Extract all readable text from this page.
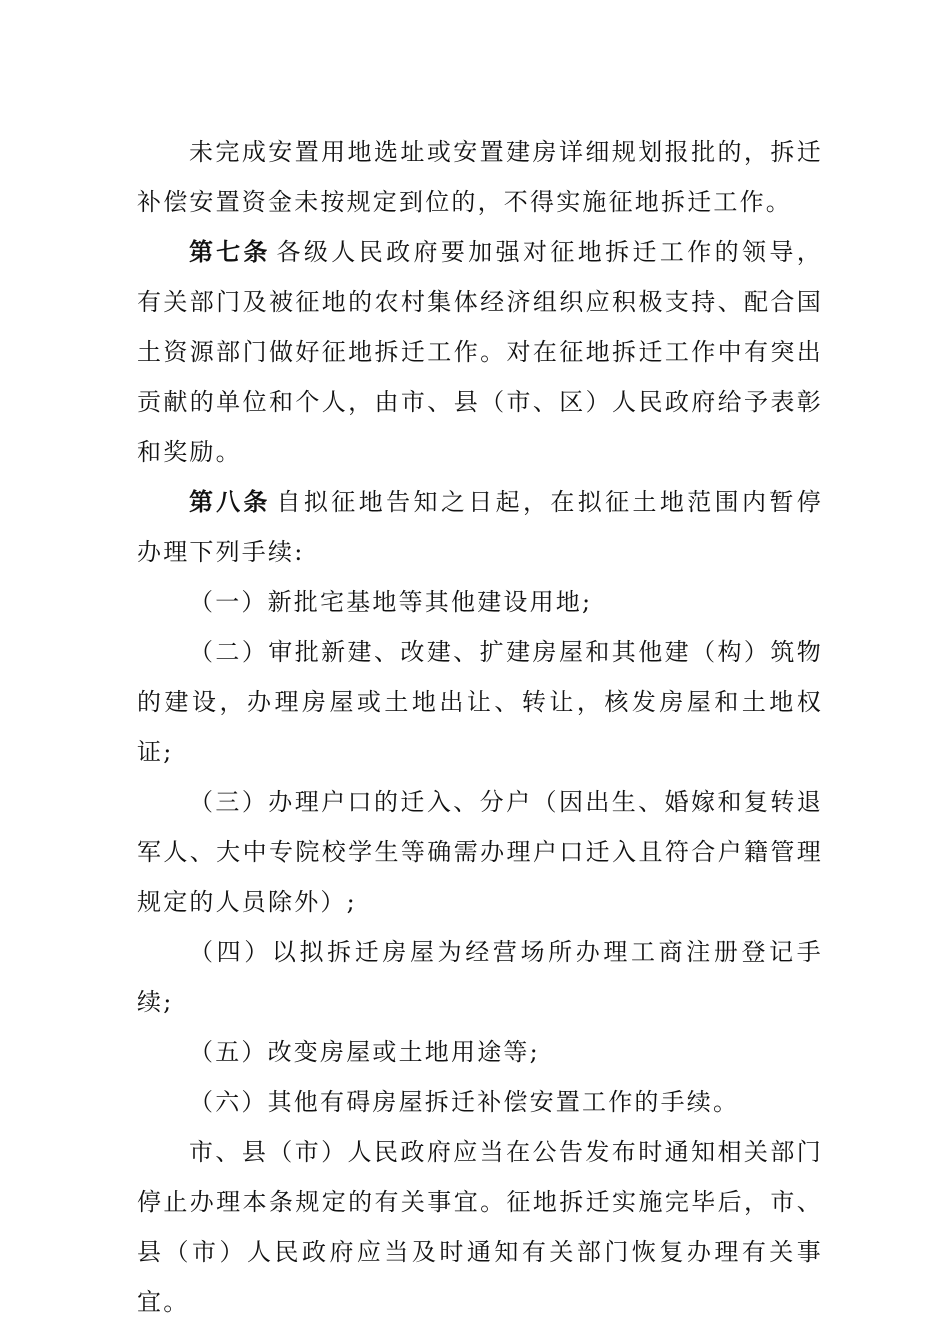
未完成安置用地选址或安置建房详细规划报批的，拆迁补偿安置资金未按规定到位的，不得实施征地拆迁工作。

第七条 各级人民政府要加强对征地拆迁工作的领导，有关部门及被征地的农村集体经济组织应积极支持、配合国土资源部门做好征地拆迁工作。对在征地拆迁工作中有突出贡献的单位和个人，由市、县（市、区）人民政府给予表彰和奖励。

第八条 自拟征地告知之日起，在拟征土地范围内暂停办理下列手续:

（一）新批宅基地等其他建设用地;

（二）审批新建、改建、扩建房屋和其他建（构）筑物的建设，办理房屋或土地出让、转让，核发房屋和土地权证;

（三）办理户口的迁入、分户（因出生、婚嫁和复转退军人、大中专院校学生等确需办理户口迁入且符合户籍管理规定的人员除外）;

（四）以拟拆迁房屋为经营场所办理工商注册登记手续;

（五）改变房屋或土地用途等;

（六）其他有碍房屋拆迁补偿安置工作的手续。

市、县（市）人民政府应当在公告发布时通知相关部门停止办理本条规定的有关事宜。征地拆迁实施完毕后，市、县（市）人民政府应当及时通知有关部门恢复办理有关事宜。
